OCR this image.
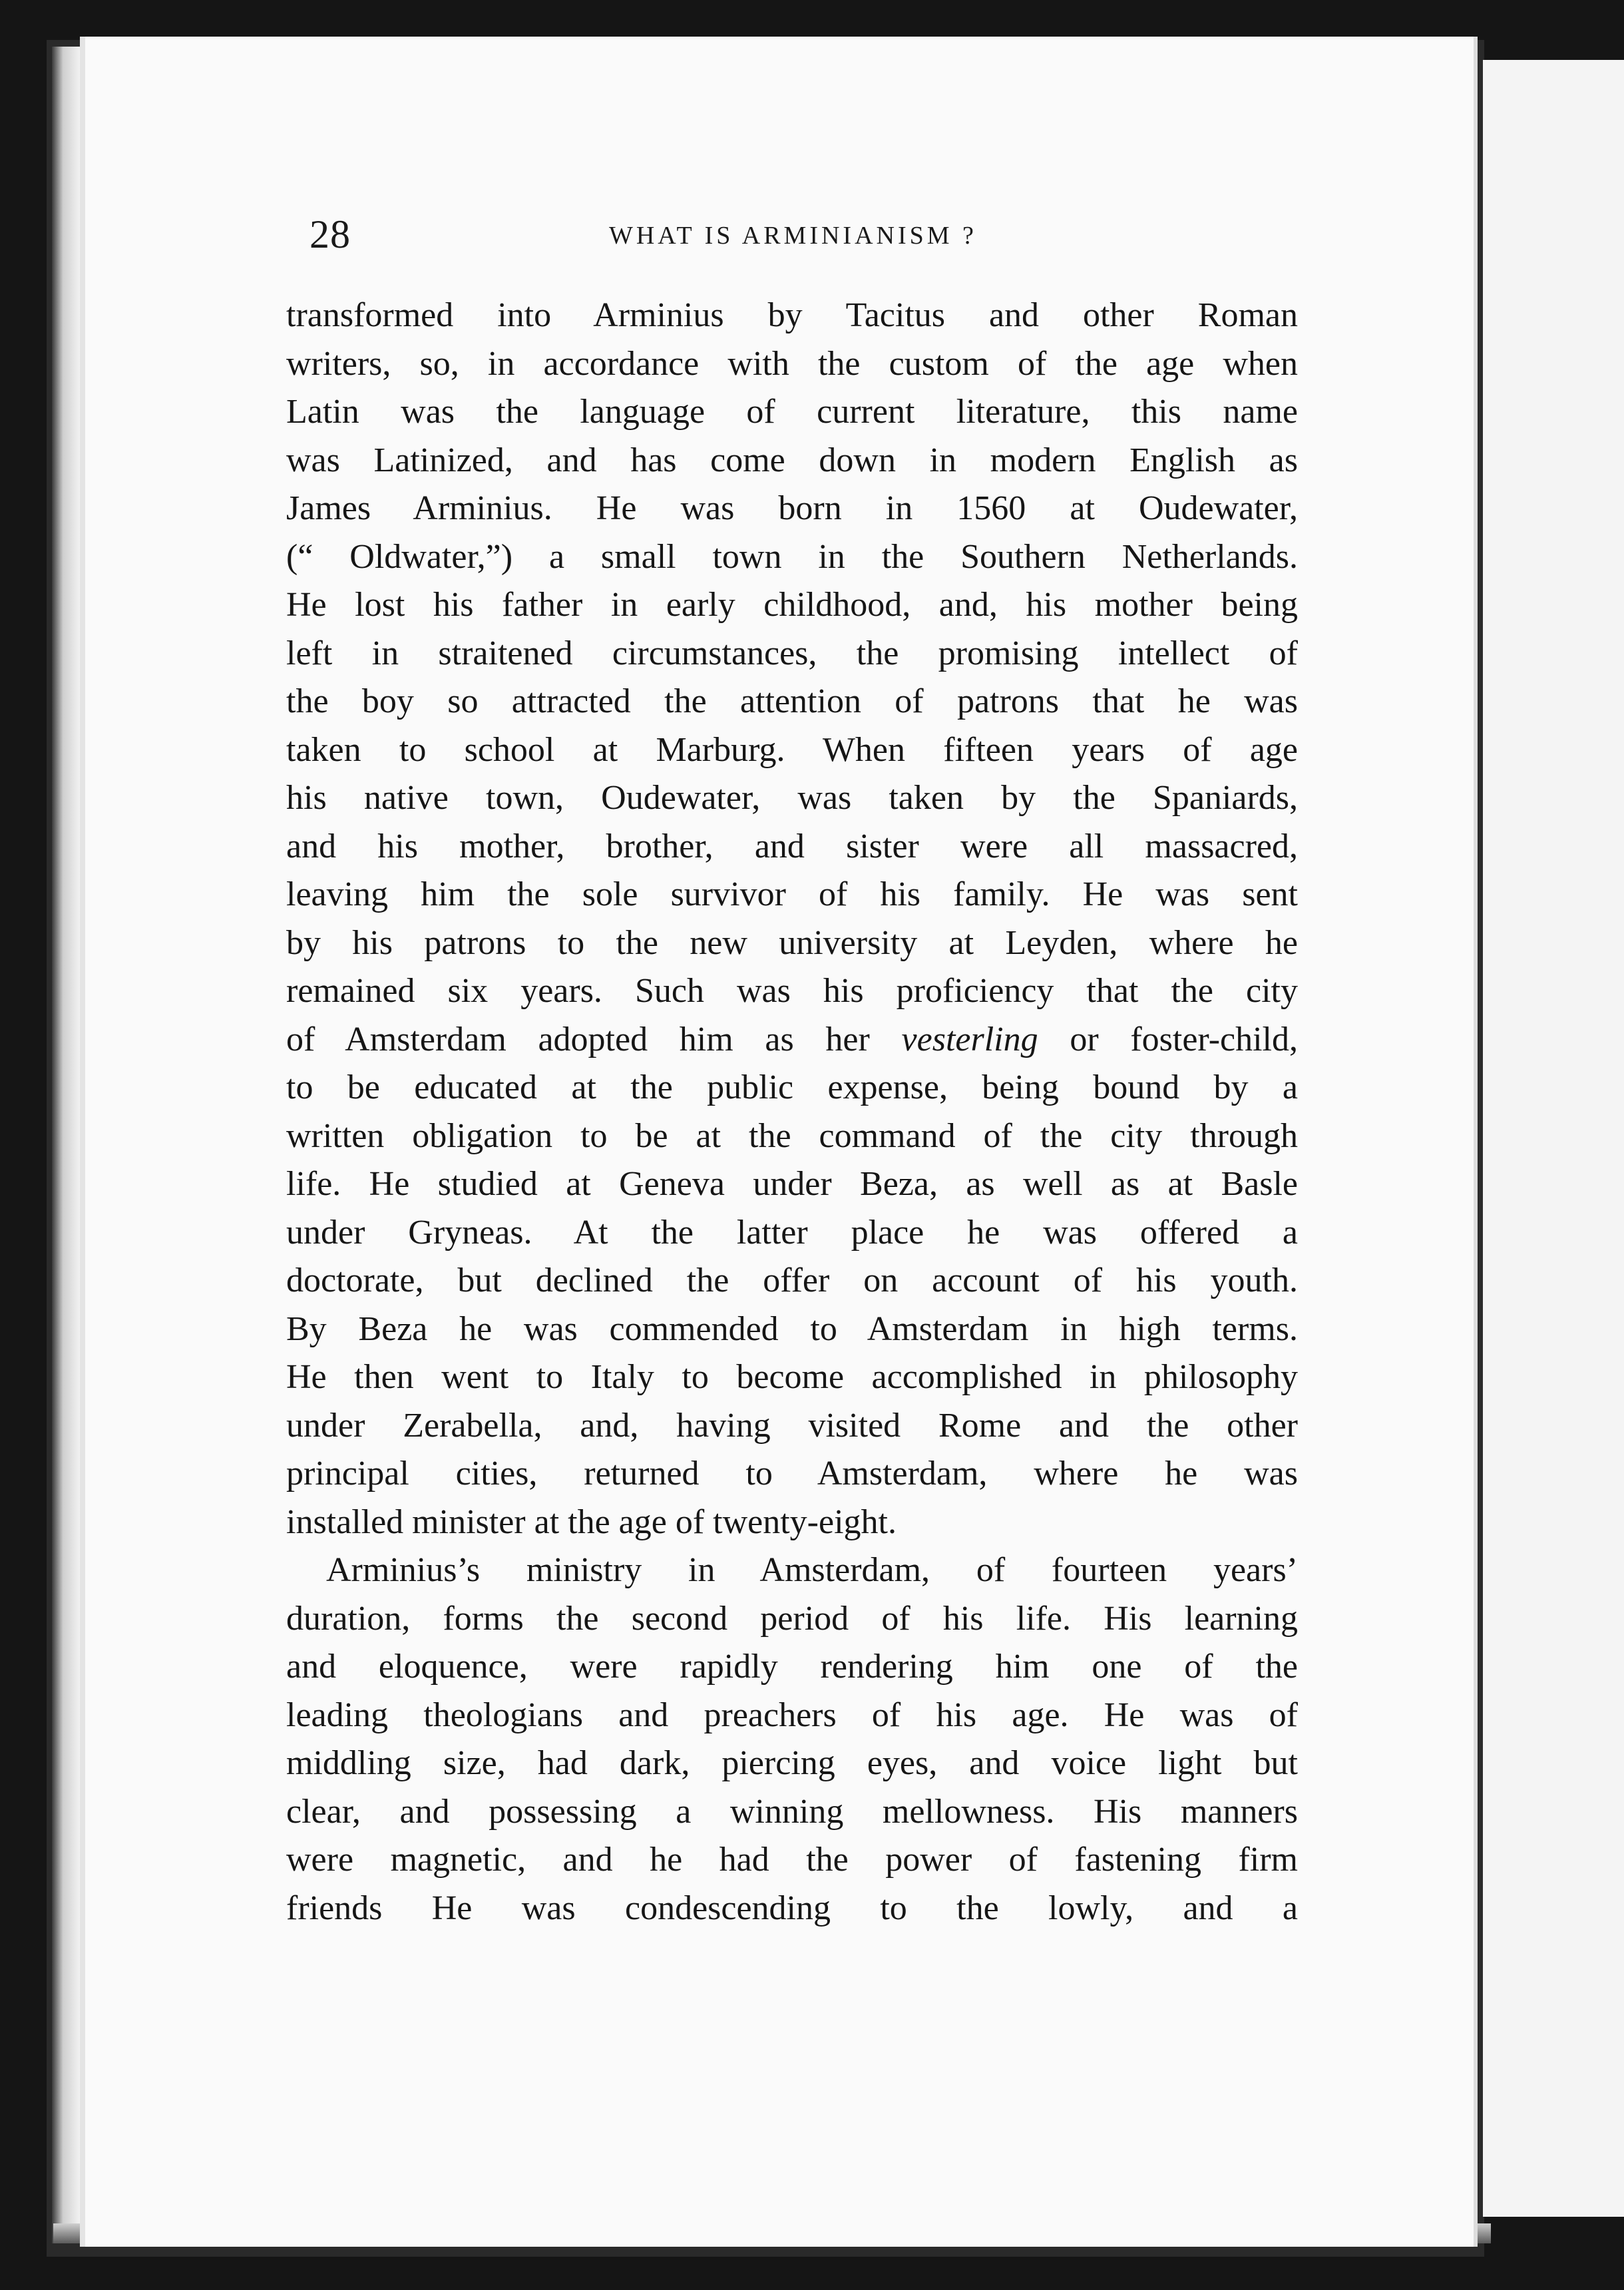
28	WHAT IS ARMINIANISM ?
transformed into Arminius by Tacitus and other Roman
writers, so, in accordance with the custom of the age when
Latin was the language of current literature, this name
was Latinized, and has come down in modern English as
James Arminius. He was born in 1560 at Oudewater,
(“ Oldwater,”) a small town in the Southern Netherlands.
He lost his father in early childhood, and, his mother being
left in straitened circumstances, the promising intellect of
the boy so attracted the attention of patrons that he was
taken to school at Marburg. When fifteen years of age
his native town, Oudewater, was taken by the Spaniards,
and his mother, brother, and sister were all massacred,
leaving him the sole survivor of his family. He was sent
by his patrons to the new university at Leyden, where he
remained six years. Such was his proficiency that the city
of Amsterdam adopted him as her vesterling or foster-child,
to be educated at the public expense, being bound by a
written obligation to be at the command of the city through
life. He studied at Geneva under Beza, as well as at Basle
under Gryneas. At the latter place he was offered a
doctorate, but declined the offer on account of his youth.
By Beza he was commended to Amsterdam in high terms.
He then went to Italy to become accomplished in philosophy
under Zerabella, and, having visited Rome and the other
principal cities, returned to Amsterdam, where he was
installed minister at the age of twenty-eight.
Arminius’s ministry in Amsterdam, of fourteen years’
duration, forms the second period of his life. His learning
and eloquence, were rapidly rendering him one of the
leading theologians and preachers of his age. He was of
middling size, had dark, piercing eyes, and voice light but
clear, and possessing a winning mellowness. His manners
were magnetic, and he had the power of fastening firm
friends He was condescending to the lowly, and a
